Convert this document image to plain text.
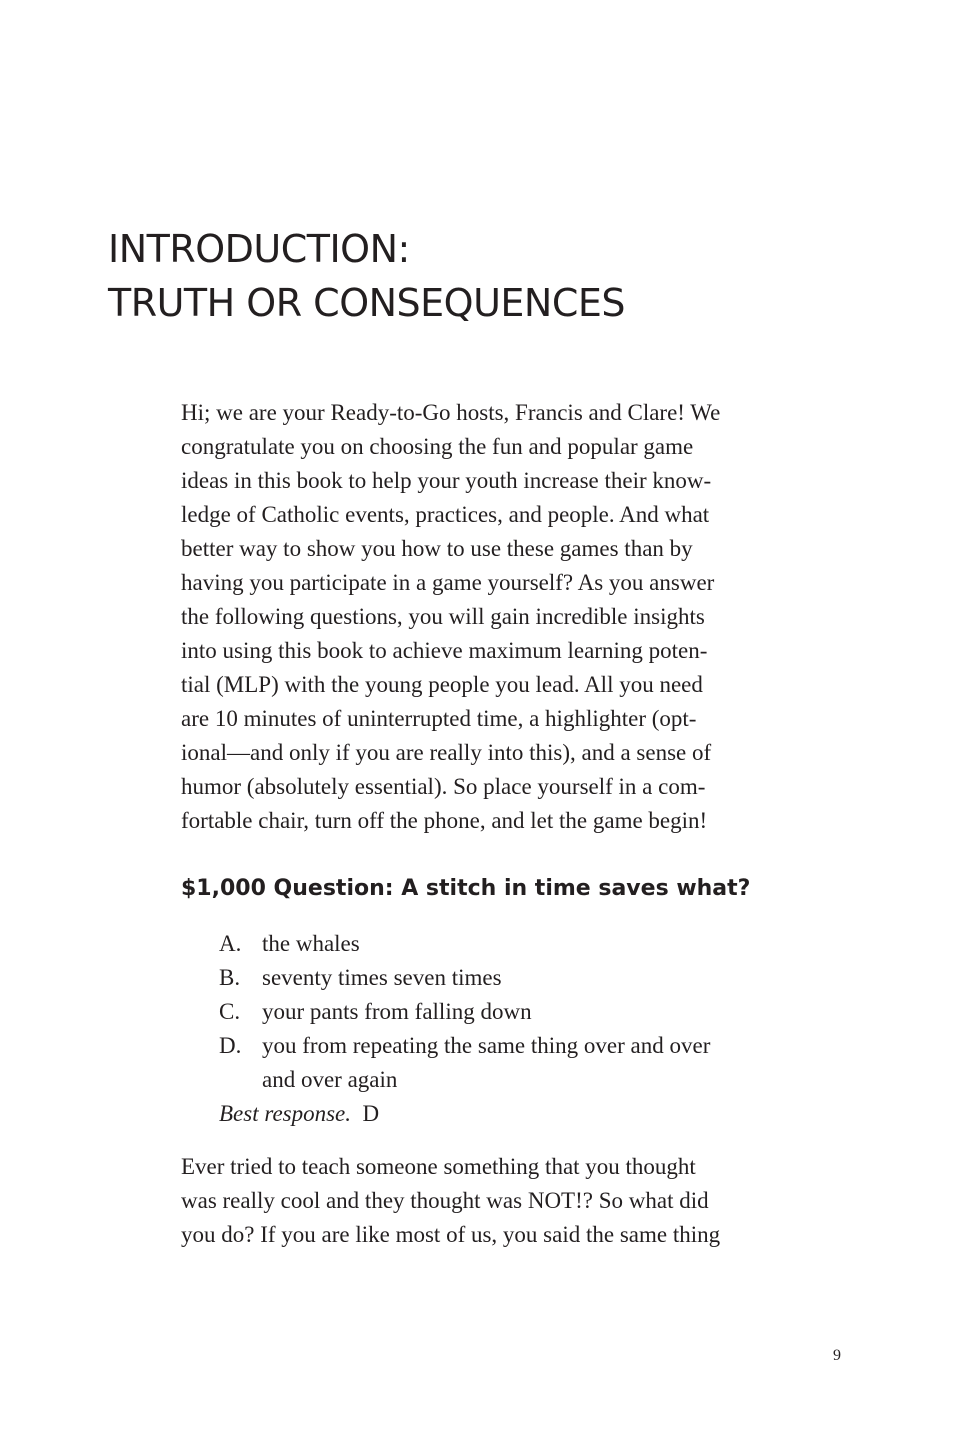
INTRODUCTION:
TRUTH OR CONSEQUENCES
Hi; we are your Ready-to-Go hosts, Francis and Clare! We
congratulate you on choosing the fun and popular game
ideas in this book to help your youth increase their know-
ledge of Catholic events, practices, and people. And what
better way to show you how to use these games than by
having you participate in a game yourself? As you answer
the following questions, you will gain incredible insights
into using this book to achieve maximum learning poten-
tial (MLP) with the young people you lead. All you need
are 10 minutes of uninterrupted time, a highlighter (opt-
ional—and only if you are really into this), and a sense of
humor (absolutely essential). So place yourself in a com-
fortable chair, turn off the phone, and let the game begin!
$1,000 Question: A stitch in time saves what?
A. the whales
B. seventy times seven times
C. your pants from falling down
D. you from repeating the same thing over and over
and over again
Best response. D
Ever tried to teach someone something that you thought
was really cool and they thought was NOT!? So what did
you do? If you are like most of us, you said the same thing
9
